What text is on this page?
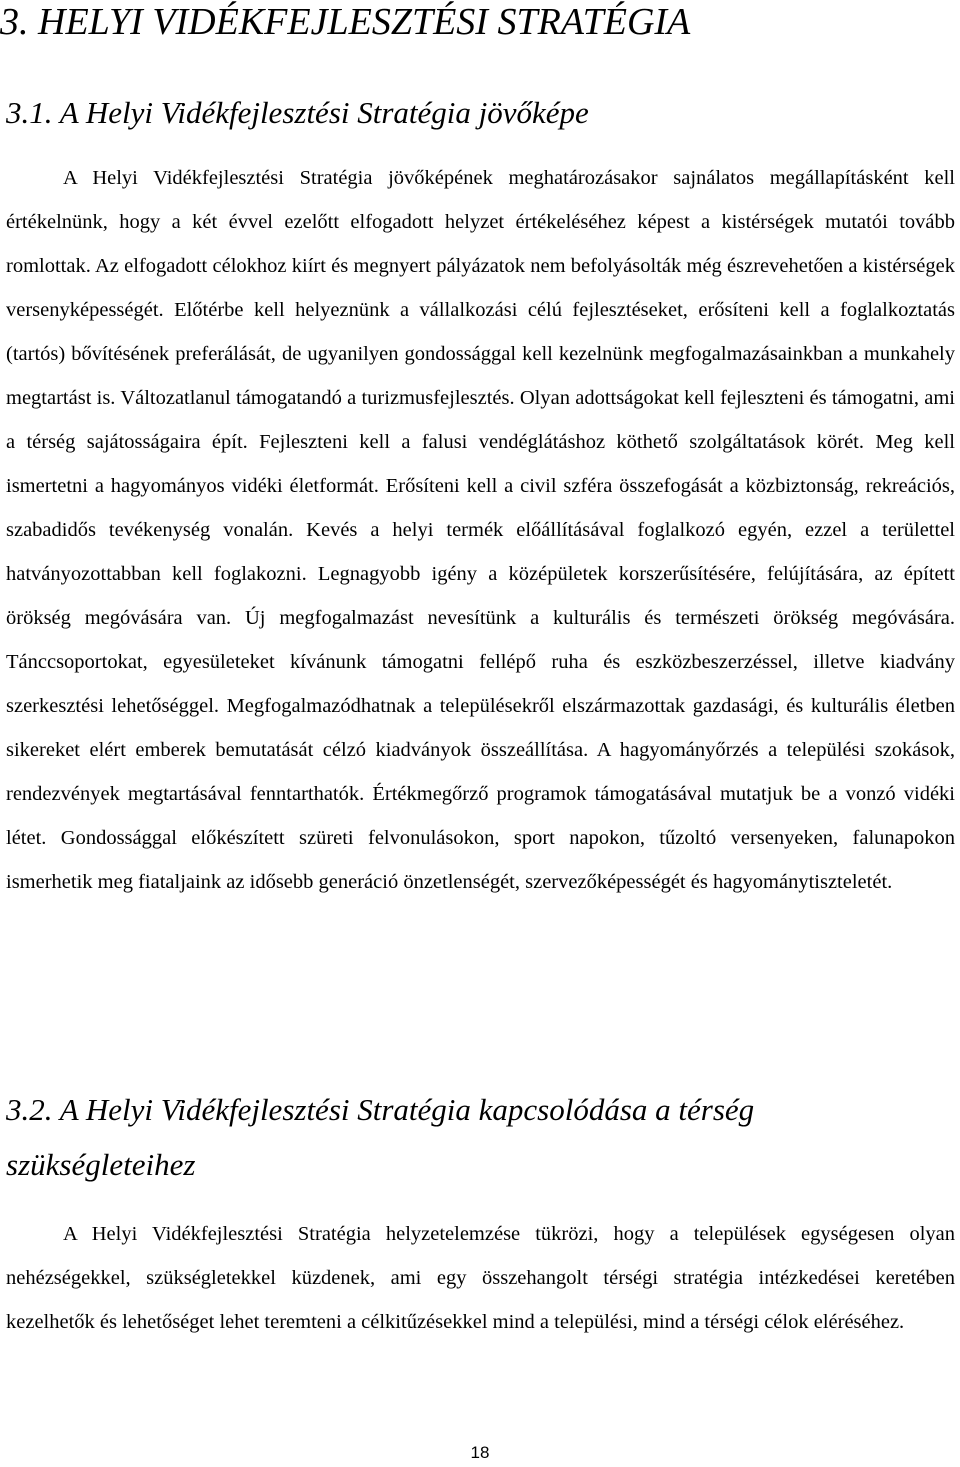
3. HELYI VIDÉKFEJLESZTÉSI STRATÉGIA
3.1. A Helyi Vidékfejlesztési Stratégia jövőképe

A Helyi Vidékfejlesztési Stratégia jövőképének meghatározásakor sajnálatos megállapításként kell értékelnünk, hogy a két évvel ezelőtt elfogadott helyzet értékeléséhez képest a kistérségek mutatói tovább romlottak. Az elfogadott célokhoz kiírt és megnyert pályázatok nem befolyásolták még észrevehetően a kistérségek versenyképességét. Előtérbe kell helyeznünk a vállalkozási célú fejlesztéseket, erősíteni kell a foglalkoztatás (tartós) bővítésének preferálását, de ugyanilyen gondossággal kell kezelnünk megfogalmazásainkban a munkahely megtartást is. Változatlanul támogatandó a turizmusfejlesztés. Olyan adottságokat kell fejleszteni és támogatni, ami a térség sajátosságaira épít. Fejleszteni kell a falusi vendéglátáshoz köthető szolgáltatások körét. Meg kell ismertetni a hagyományos vidéki életformát. Erősíteni kell a civil szféra összefogását a közbiztonság, rekreációs, szabadidős tevékenység vonalán. Kevés a helyi termék előállításával foglalkozó egyén, ezzel a területtel hatványozottabban kell foglakozni. Legnagyobb igény a középületek korszerűsítésére, felújítására, az épített örökség megóvására van. Új megfogalmazást nevesítünk a kulturális és természeti örökség megóvására. Tánccsoportokat, egyesületeket kívánunk támogatni fellépő ruha és eszközbeszerzéssel, illetve kiadvány szerkesztési lehetőséggel. Megfogalmazódhatnak a településekről elszármazottak gazdasági, és kulturális életben sikereket elért emberek bemutatását célzó kiadványok összeállítása. A hagyományőrzés a települési szokások, rendezvények megtartásával fenntarthatók. Értékmegőrző programok támogatásával mutatjuk be a vonzó vidéki létet. Gondossággal előkészített szüreti felvonulásokon, sport napokon, tűzoltó versenyeken, falunapokon ismerhetik meg fiataljaink az idősebb generáció önzetlenségét, szervezőképességét és hagyománytiszteletét.

3.2. A Helyi Vidékfejlesztési Stratégia kapcsolódása a térség szükségleteihez

A Helyi Vidékfejlesztési Stratégia helyzetelemzése tükrözi, hogy a települések egységesen olyan nehézségekkel, szükségletekkel küzdenek, ami egy összehangolt térségi stratégia intézkedései keretében kezelhetők és lehetőséget lehet teremteni a célkitűzésekkel mind a települési, mind a térségi célok eléréséhez.

18
